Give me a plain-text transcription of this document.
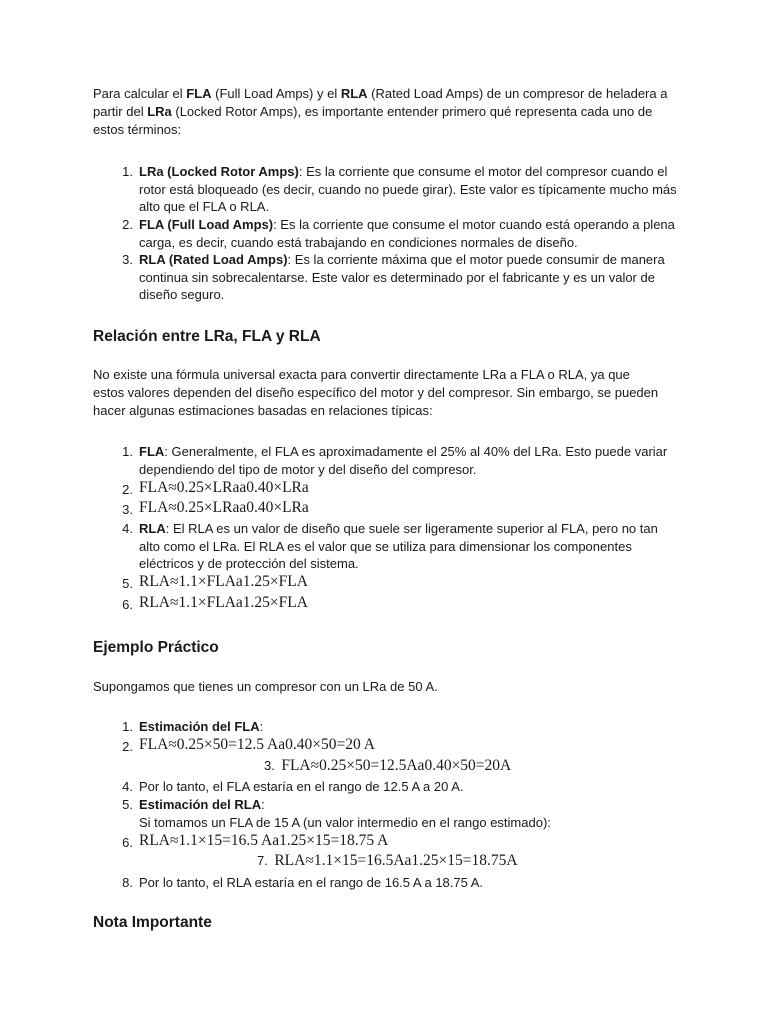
Para calcular el FLA (Full Load Amps) y el RLA (Rated Load Amps) de un compresor de heladera a partir del LRa (Locked Rotor Amps), es importante entender primero qué representa cada uno de estos términos:

1. LRa (Locked Rotor Amps): Es la corriente que consume el motor del compresor cuando el rotor está bloqueado (es decir, cuando no puede girar). Este valor es típicamente mucho más alto que el FLA o RLA.
2. FLA (Full Load Amps): Es la corriente que consume el motor cuando está operando a plena carga, es decir, cuando está trabajando en condiciones normales de diseño.
3. RLA (Rated Load Amps): Es la corriente máxima que el motor puede consumir de manera continua sin sobrecalentarse. Este valor es determinado por el fabricante y es un valor de diseño seguro.
Relación entre LRa, FLA y RLA

No existe una fórmula universal exacta para convertir directamente LRa a FLA o RLA, ya que estos valores dependen del diseño específico del motor y del compresor. Sin embargo, se pueden hacer algunas estimaciones basadas en relaciones típicas:

1. FLA: Generalmente, el FLA es aproximadamente el 25% al 40% del LRa. Esto puede variar dependiendo del tipo de motor y del diseño del compresor.
2. FLA≈0.25×LRaa0.40×LRa
3. FLA≈0.25×LRaa0.40×LRa
4. RLA: El RLA es un valor de diseño que suele ser ligeramente superior al FLA, pero no tan alto como el LRa. El RLA es el valor que se utiliza para dimensionar los componentes eléctricos y de protección del sistema.
5. RLA≈1.1×FLAa1.25×FLA
6. RLA≈1.1×FLAa1.25×FLA
Ejemplo Práctico

Supongamos que tienes un compresor con un LRa de 50 A.

1. Estimación del FLA:
2. FLA≈0.25×50=12.5 Aa0.40×50=20 A
3. FLA≈0.25×50=12.5Aa0.40×50=20A
4. Por lo tanto, el FLA estaría en el rango de 12.5 A a 20 A.
5. Estimación del RLA:
Si tomamos un FLA de 15 A (un valor intermedio en el rango estimado):
6. RLA≈1.1×15=16.5 Aa1.25×15=18.75 A
7. RLA≈1.1×15=16.5Aa1.25×15=18.75A
8. Por lo tanto, el RLA estaría en el rango de 16.5 A a 18.75 A.
Nota Importante
